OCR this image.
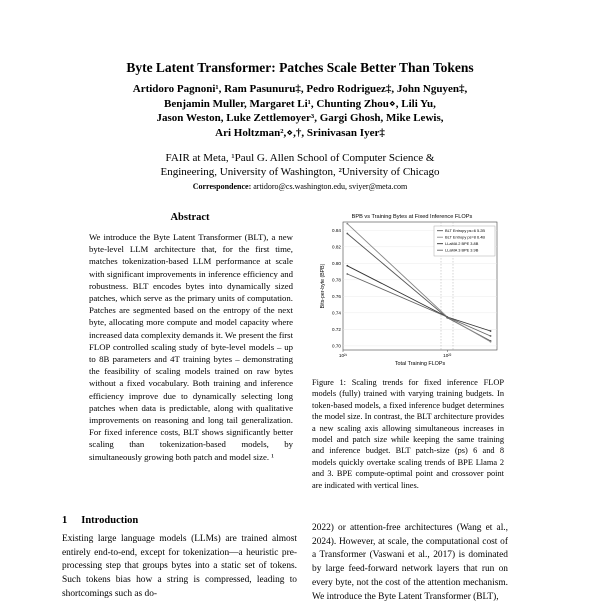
Byte Latent Transformer: Patches Scale Better Than Tokens
Artidoro Pagnoni¹, Ram Pasunuru‡, Pedro Rodriguez‡, John Nguyen‡,
Benjamin Muller, Margaret Li¹, Chunting Zhou⋄, Lili Yu,
Jason Weston, Luke Zettlemoyer³, Gargi Ghosh, Mike Lewis,
Ari Holtzman²,⋄,†, Srinivasan Iyer‡
FAIR at Meta, ¹Paul G. Allen School of Computer Science &
Engineering, University of Washington, ²University of Chicago
Correspondence: artidoro@cs.washington.edu, sviyer@meta.com
Abstract

We introduce the Byte Latent Transformer (BLT), a new byte-level LLM architecture that, for the first time, matches tokenization-based LLM performance at scale with significant improvements in inference efficiency and robustness. BLT encodes bytes into dynamically sized patches, which serve as the primary units of computation. Patches are segmented based on the entropy of the next byte, allocating more compute and model capacity where increased data complexity demands it. We present the first FLOP controlled scaling study of byte-level models – up to 8B parameters and 4T training bytes – demonstrating the feasibility of scaling models trained on raw bytes without a fixed vocabulary. Both training and inference efficiency improve due to dynamically selecting long patches when data is predictable, along with qualitative improvements on reasoning and long tail generalization. For fixed inference costs, BLT shows significantly better scaling than tokenization-based models, by simultaneously growing both patch and model size. ¹

BPB vs Training Bytes at Fixed Inference FLOPs
0.70
0.72
0.74
0.76
0.78
0.80
0.82
0.84
10²¹	10²²
BLT Entropy ps=6 5.2B
BLT Entropy ps=8 6.4B
LLaMA 2 BPE 3.8B
LLaMA 3 BPE 3.9B
Total Training FLOPs
Bits-per-byte (BPB)
Figure 1: Scaling trends for fixed inference FLOP models (fully) trained with varying training budgets. In token-based models, a fixed inference budget determines the model size. In contrast, the BLT architecture provides a new scaling axis allowing simultaneous increases in model and patch size while keeping the same training and inference budget. BLT patch-size (ps) 6 and 8 models quickly overtake scaling trends of BPE Llama 2 and 3. BPE compute-optimal point and crossover point are indicated with vertical lines.
1 Introduction
Existing large language models (LLMs) are trained almost entirely end-to-end, except for tokenization—a heuristic pre-processing step that groups bytes into a static set of tokens. Such tokens bias how a string is compressed, leading to shortcomings such as do-
2022) or attention-free architectures (Wang et al., 2024). However, at scale, the computational cost of a Transformer (Vaswani et al., 2017) is dominated by large feed-forward network layers that run on every byte, not the cost of the attention mechanism. We introduce the Byte Latent Transformer (BLT),
